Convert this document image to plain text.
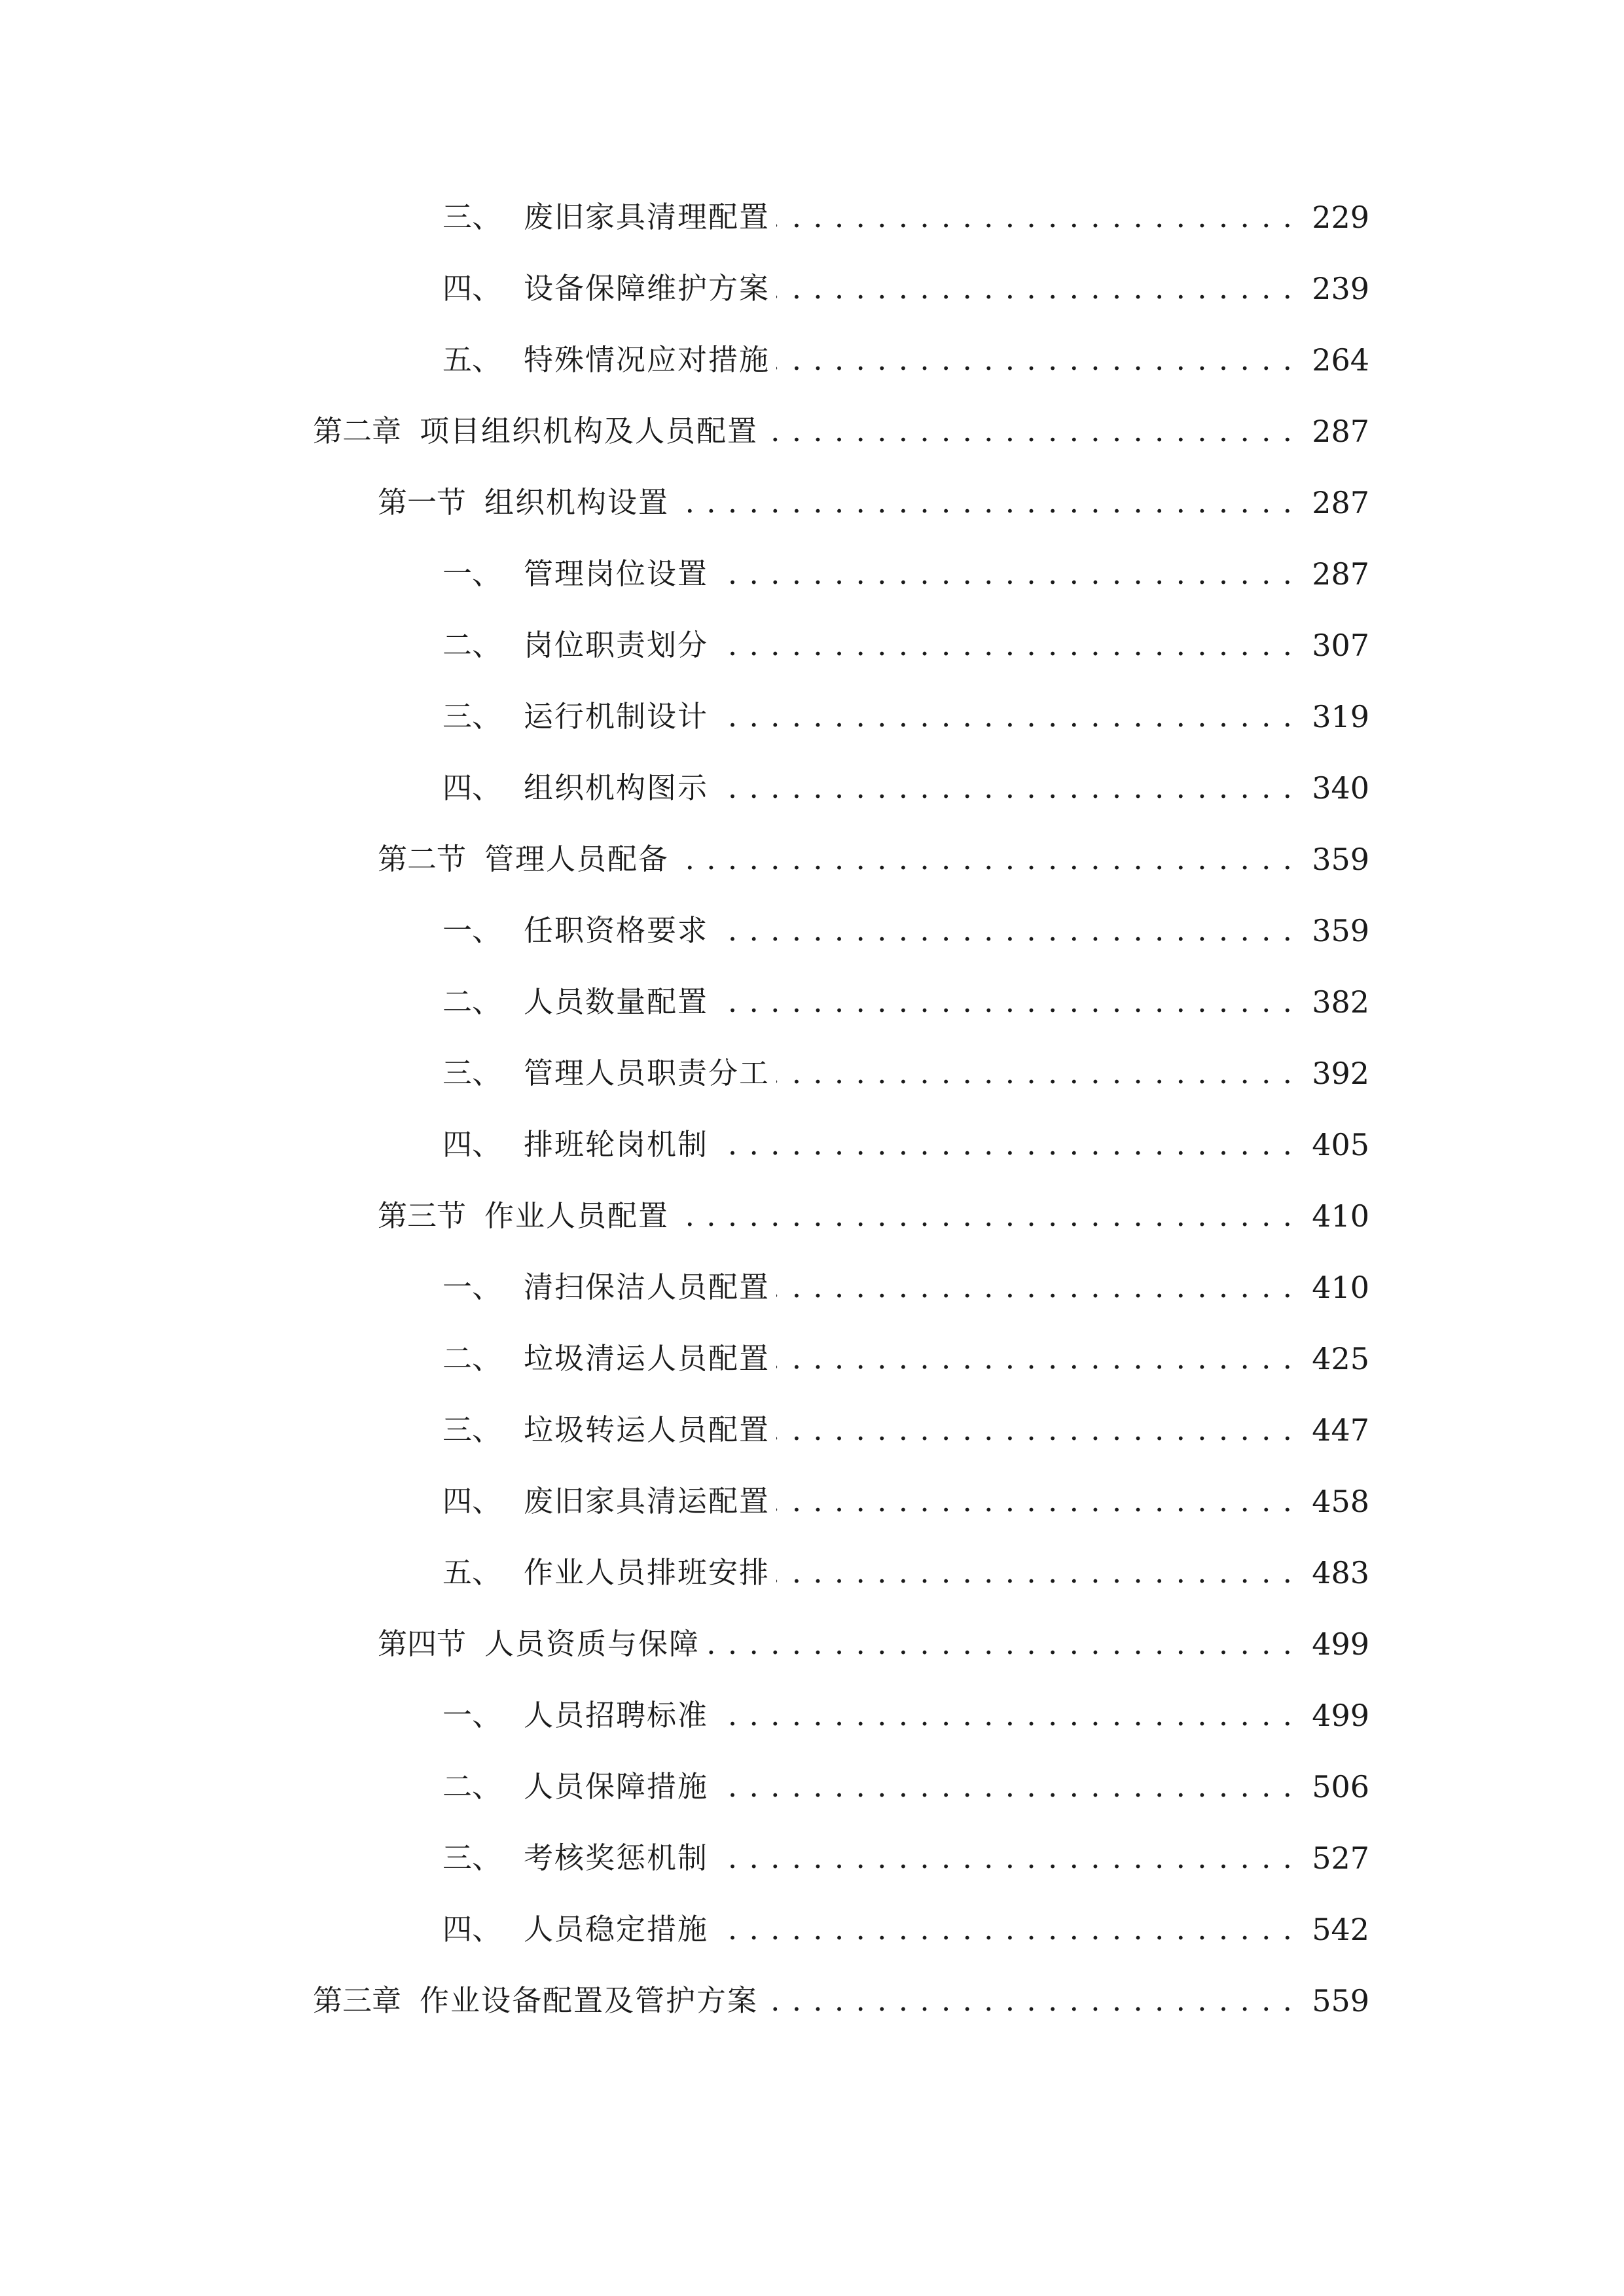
三、 废旧家具清理配置 . . .	229
四、 设备保障维护方案 . . .	239
五、 特殊情况应对措施 . . .	264
第二章 项目组织机构及人员配置 . . .	287
第一节 组织机构设置 . . .	287
一、 管理岗位设置 . . .	287
二、 岗位职责划分 . . .	307
三、 运行机制设计 . . .	319
四、 组织机构图示 . . .	340
第二节 管理人员配备 . . .	359
一、 任职资格要求 . . .	359
二、 人员数量配置 . . .	382
三、 管理人员职责分工 . . .	392
四、 排班轮岗机制 . . .	405
第三节 作业人员配置 . . .	410
一、 清扫保洁人员配置 . . .	410
二、 垃圾清运人员配置 . . .	425
三、 垃圾转运人员配置 . . .	447
四、 废旧家具清运配置 . . .	458
五、 作业人员排班安排 . . .	483
第四节 人员资质与保障 . . .	499
一、 人员招聘标准 . . .	499
二、 人员保障措施 . . .	506
三、 考核奖惩机制 . . .	527
四、 人员稳定措施 . . .	542
第三章 作业设备配置及管护方案 . . .	559
